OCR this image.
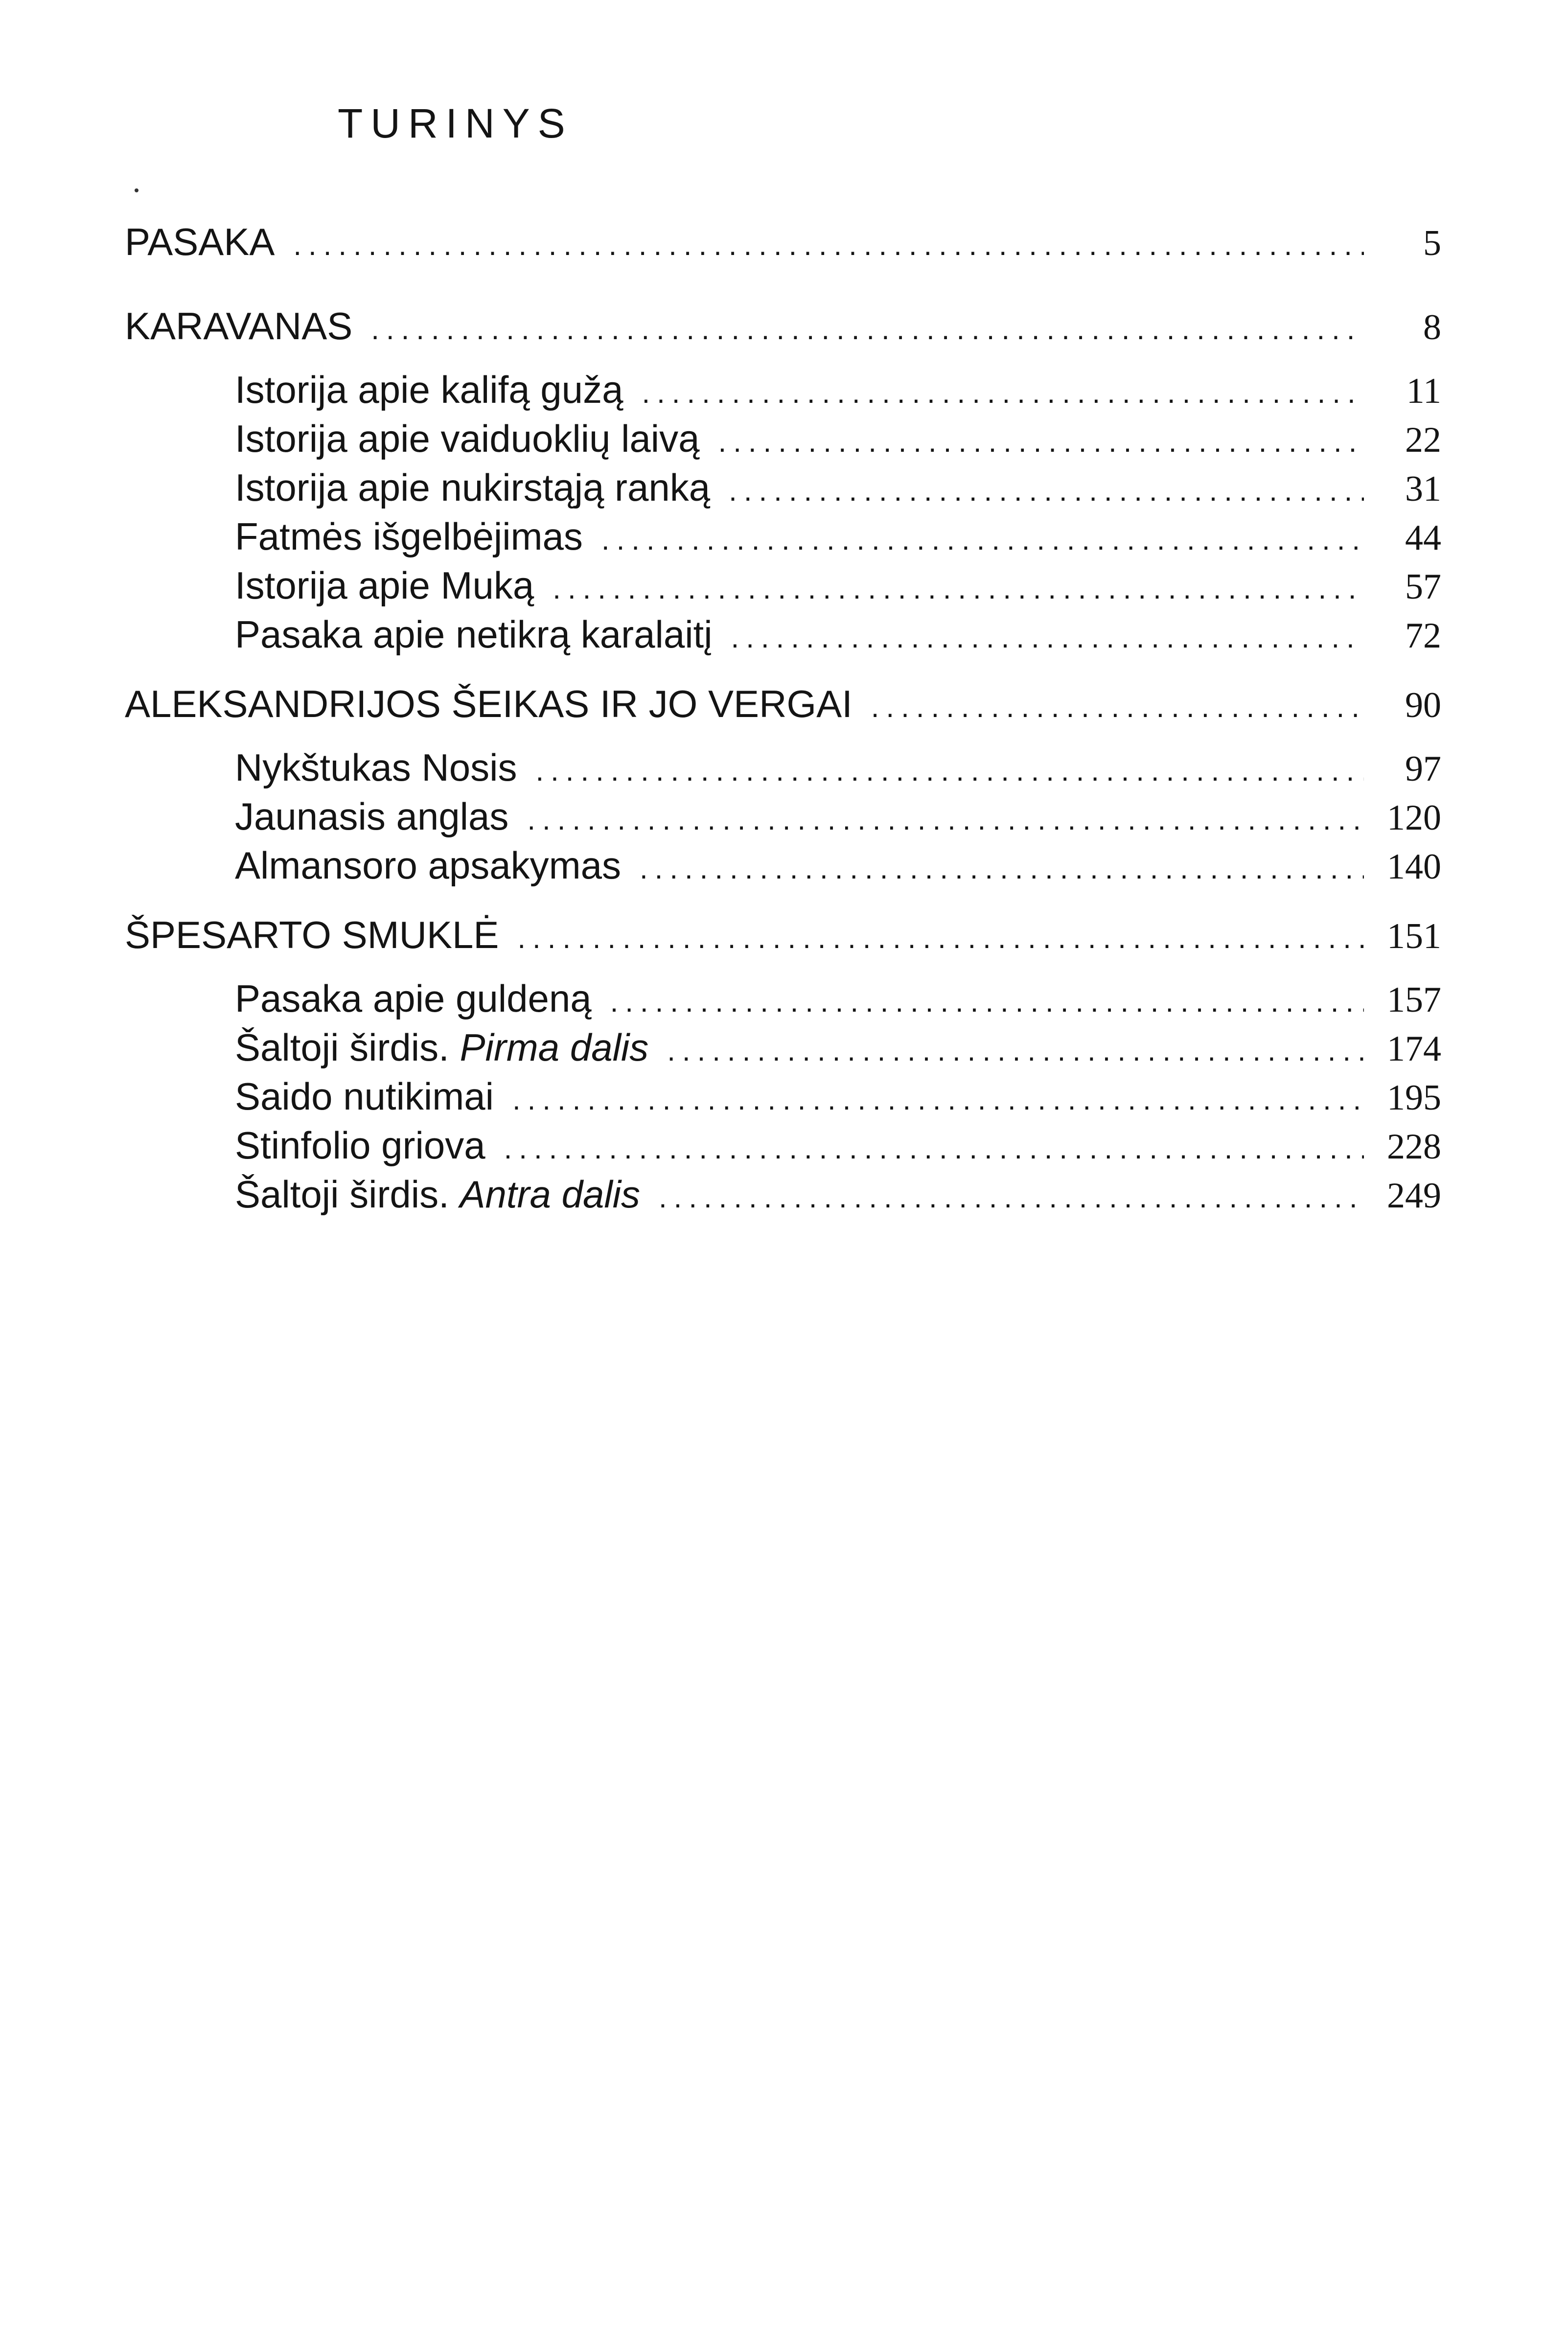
TURINYS
PASAKA .....	5
KARAVANAS .....	8
Istorija apie kalifą gužą .....	11
Istorija apie vaiduoklių laivą .....	22
Istorija apie nukirstąją ranką .....	31
Fatmės išgelbėjimas .....	44
Istorija apie Muką .....	57
Pasaka apie netikrą karalaitį .....	72
ALEKSANDRIJOS ŠEIKAS IR JO VERGAI .....	90
Nykštukas Nosis .....	97
Jaunasis anglas .....	120
Almansoro apsakymas .....	140
ŠPESARTO SMUKLĖ .....	151
Pasaka apie guldeną .....	157
Šaltoji širdis. Pirma dalis .....	174
Saido nutikimai .....	195
Stinfolio griova .....	228
Šaltoji širdis. Antra dalis .....	249
